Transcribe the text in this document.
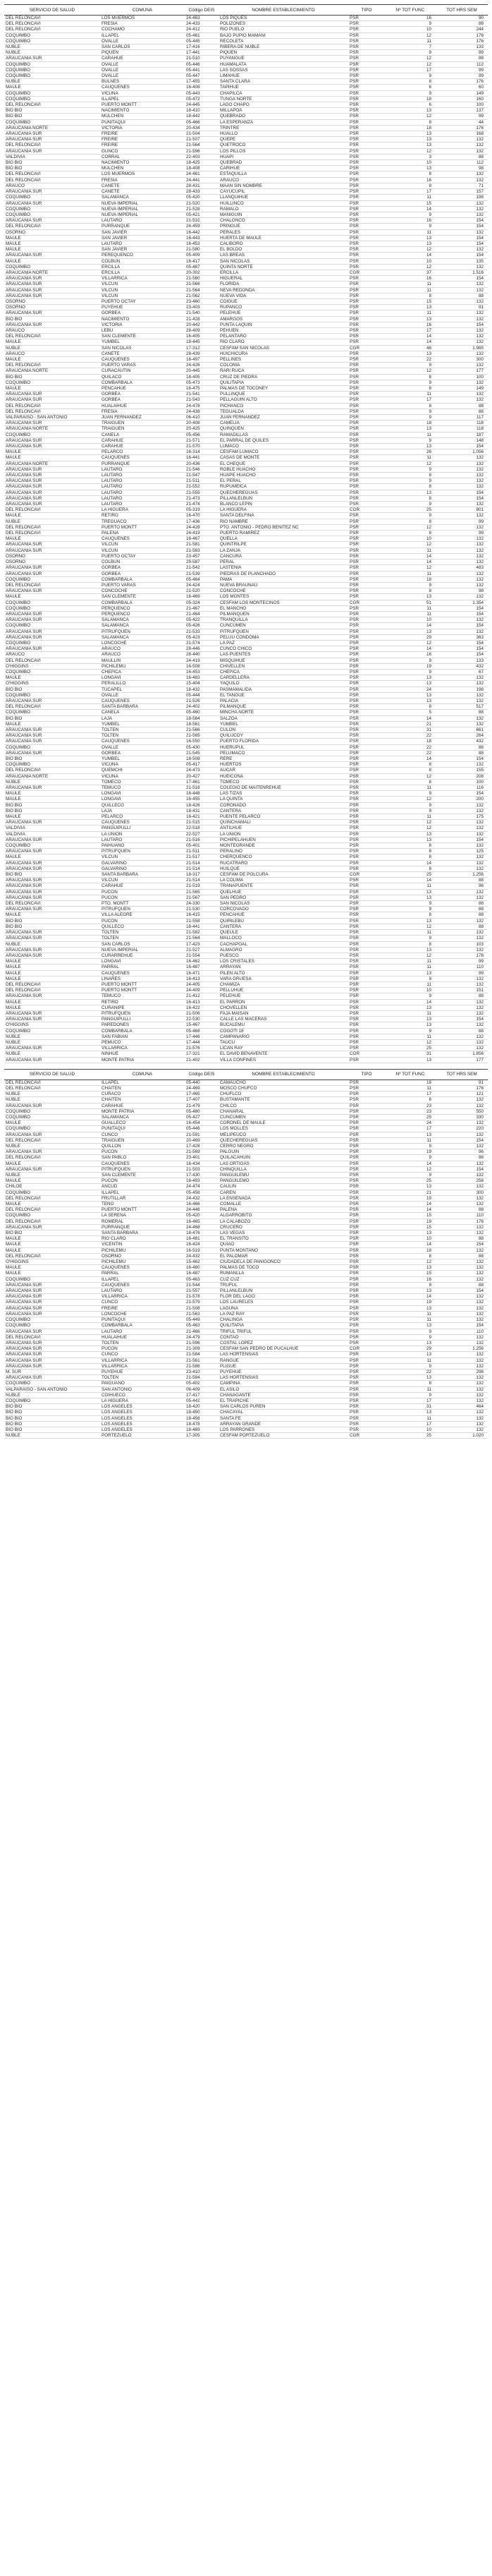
SERVICIO DE SALUD	COMUNA	Código DEIS	NOMBRE ESTABLECIMIENTO	TIPO	Nº TOT FUNC	TOT HRS SEM
DEL RELONCAVI	LOS MUERMOS	24-463	LOS PIQUES	PSR	16	90
DEL RELONCAVI	FRESIA	24-433	POLIZONES	PSR	9	88
DEL RELONCAVI	COCHAMO	24-412	RIO PUELO	PSR	10	244
COQUIMBO	ILLAPEL	05-461	BAJO PUPIO MAMANI	PSR	12	176
COQUIMBO	OVALLE	05-445	RECOLETA	PSR	11	176
ÑUBLE	SAN CARLOS	17-416	RIBERA DE ÑUBLE	PSR	7	133
ÑUBLE	PIQUEN	17-441	PIQUEN	PSR	9	99
ARAUCANIA SUR	CARAHUE	21-510	PUYANGUE	PSR	12	98
COQUIMBO	OVALLE	05-446	HUAMALATA	PSR	12	112
COQUIMBO	OVALLE	05-441	LAS SOSSAS	PSR	17	99
COQUIMBO	OVALLE	05-447	LIMAHUE	PSR	9	99
ÑUBLE	BULNES	17-455	SANTA CLARA	PSR	8	176
MAULE	CAUQUENES	16-408	TAPIHUE	PSR	6	60
COQUIMBO	VICUÑA	05-443	CHAPILCA	PSR	9	149
COQUIMBO	ILLAPEL	05-472	TUNGA NORTE	PSR	18	160
DEL RELONCAVI	PUERTO MONTT	24-445	LAGO CHAPO	PSR	6	100
BIO BIO	NACIMIENTO	18-410	MILLAPOA	PSR	13	137
BIO BIO	MULCHEN	18-442	QUEBRADO	PSR	12	99
COQUIMBO	PUNITAQUI	05-466	LA ESPERANZA	PSR	8	44
ARAUCANIA NORTE	VICTORIA	20-434	TRINTRE	PSR	18	176
ARAUCANIA SUR	FREIRE	21-504	HUALLO	PSR	13	168
ARAUCANIA SUR	FREIRE	21-507	QUEPE	PSR	13	132
DEL RELONCAVI	FREIRE	21-564	QUETROCO	PSR	13	132
ARAUCANIA SUR	GUNCO	21-596	LOS PILLOS	PSR	12	132
VALDIVIA	CORRAL	22-403	HUAPI	PSR	3	88
BIO BIO	NACIMIENTO	18-425	QUEBRAD	PSR	10	112
BIO BIO	MULCHEN	18-408	CARIHUE	PSR	13	98
DEL RELONCAVI	LOS MUERMOS	24-481	ESTAQUILLA	PSR	8	132
DEL RELONCAVI	FRESIA	24-441	ARAUCO	PSR	16	132
ARAUCO	CAÑETE	28-431	MAAN SIN NOMBRE	PSR	8	71
ARAUCANIA SUR	CAÑETE	28-433	CAYUCUPIL	PSR	17	157
COQUIMBO	SALAMANCA	05-420	LLANQUIHUE	PSR	11	198
ARAUCANIA SUR	NUEVA IMPERIAL	21-520	HUILLINCO	PSR	15	132
COQUIMBO	NUEVA IMPERIAL	21-528	RAMALO	PSR	14	132
COQUIMBO	NUEVA IMPERIAL	05-421	MANIGUIN	PSR	9	132
ARAUCANIA SUR	LAUTARO	21-532	CHALONCO	PSR	16	154
DEL RELONCAVI	PURRANQUE	24-459	PRINGUE	PSR	9	154
OSORNO	SAN JAVIER	16-442	PERALES	PSR	11	132
MAULE	SAN JAVIER	16-443	HUERTA DE MAULE	PSR	13	154
MAULE	LAUTARO	16-453	CALIBORO	PSR	13	154
MAULE	SAN JAVIER	21-580	EL BOLDO	PSR	12	132
ARAUCANIA SUR	PEREQUENCO	05-409	LAS BREAS	PSR	14	154
MAULE	COLBUN	16-417	SAN NICOLAS	PSR	10	135
COQUIMBO	ERCILLA	05-467	QUINTA NORTE	PSR	12	132
ARAUCANIA NORTE	ERCILLA	20-302	ERCILLA	CGR	37	1.516
ARAUCANIA SUR	VILLARRICA	21-560	HIGUERAL	PSR	16	154
ARAUCANIA SUR	VILCUN	21-566	FLORIDA	PSR	11	132
ARAUCANIA SUR	VILCUN	21-564	NEVA REDONDA	PSR	11	132
ARAUCANIA SUR	VILCUN	21-562	NUEVA VIDA	PSR	8	88
OSORNO	PUERTO OCTAY	23-460	COIGUE	PSR	15	132
OSORNO	PUYEHUE	23-403	RUPANCO	PSR	13	91
ARAUCANIA SUR	GORBEA	21-540	PELEHUE	PSR	11	132
BIO BIO	NACIMIENTO	21-428	AMARGOS	PSR	13	132
ARAUCANIA SUR	VICTORIA	20-442	PUNTA LAQUIN	PSR	16	154
ARAUCO	LEBU	28-409	PEHUEN	PSR	17	132
DEL RELONCAVI	SAN CLEMENTE	16-405	PELANTARO	PSR	14	132
MAULE	YUMBEL	18-445	RIO CLARO	PSR	14	132
ÑUBLE	SAN NICOLAS	17-312	CESFAM SAN NICOLAS	CGR	48	1.985
ARAUCO	CAÑETE	28-439	HUICHICURA	PSR	13	132
MAULE	CAUQUENES	16-497	PELLINES	PSR	22	300
DEL RELONCAVI	PUERTO VARAS	24-426	COLONIA	PSR	9	132
ARAUCANIA NORTE	CURACAUTIN	20-445	RARI RUCA	PSR	12	177
BIO BIO	QUILACO	18-405	CRUZ DE PIEDRA	PSR	8	100
COQUIMBO	COMBARBALA	05-473	QUILITAPIA	PSR	9	132
MAULE	PENCAHUE	16-475	PALMAS DE TOCONEY	PSR	8	149
ARAUCANIA SUR	GORBEA	21-541	PULLINQUE	PSR	11	132
ARAUCANIA SUR	GORBEA	21-543	PELLAGUIN ALTO	PSR	17	132
DEL RELONCAVI	HUALAIHUE	24-478	PICHANCO	PSR	8	88
DEL RELONCAVI	FRESIA	24-438	TEGUALDA	PSR	9	88
VALPARAISO - SAN ANTONIO	JUAN FERNANDEZ	06-410	JUAN FERNANDEZ	PSR	9	117
ARAUCANIA SUR	TRAIGUEN	20-408	CAMELIA	PSR	18	118
ARAUCANIA NORTE	TRAIGUEN	20-425	QUINQUEN	PSR	13	118
COQUIMBO	CANELA	05-456	RAMADILLAS	PSR	11	187
ARAUCANIA SUR	CARAHUE	21-571	EL PARRAL DE QUILES	PSR	9	148
ARAUCANIA SUR	CARAHUE	21-570	LUMACO	PSR	13	154
MAULE	PELARCO	16-314	CESFAM LUMACO	PSR	26	1.056
MAULE	CAUQUENES	16-441	CASAS DE MONTE	PSR	11	132
ARAUCANIA NORTE	PURRANQUE	20-436	EL CHEQUE	PSR	12	132
ARAUCANIA SUR	LAUTARO	21-546	ROBLE HUACHO	PSR	9	132
ARAUCANIA SUR	LAUTARO	21-547	HUAPE HUACHO	PSR	8	132
ARAUCANIA SUR	LAUTARO	21-511	EL PERAL	PSR	9	132
ARAUCANIA SUR	LAUTARO	21-552	RUPUMEICA	PSR	8	132
ARAUCANIA SUR	LAUTARO	21-555	QUECHEREGUAS	PSR	13	154
ARAUCANIA SUR	LAUTARO	21-473	PILLANLELBUN	PSR	8	154
ARAUCANIA SUR	LAUTARO	21-474	BLANCO LEPIN	PSR	9	132
DEL RELONCAVI	LA HIGUERA	05-319	LA HIGUERA	CGR	25	801
MAULE	RETIRO	16-470	SANTA DELFINA	PSR	9	132
ÑUBLE	TREGUACO	17-436	RIO NAMBRE	PSR	8	99
DEL RELONCAVI	PUERTO MONTT	24-428	PTO. ANTONIO - PEDRO BENITEZ NC	PSR	12	132
DEL RELONCAVI	PALENA	24-419	PUERTO RAMIREZ	PSR	8	99
MAULE	CAUQUENES	16-467	QUELLA	PSR	10	132
ARAUCANIA SUR	VILCUN	21-581	QUINTRILPE	PSR	12	132
ARAUCANIA SUR	VILCUN	21-583	LA ZANJA	PSR	11	132
OSORNO	PUERTO OCTAY	23-457	CANCURA	PSR	14	132
OSORNO	COLBUN	29-587	PERAL	PSR	14	132
ARAUCANIA SUR	GORBEA	21-542	LASTENIA	PSR	12	483
ARAUCANIA SUR	GORBEA	21-539	PIEDRAS DE PLANCHADO	PSR	11	132
COQUIMBO	COMBARBALA	05-464	PAMA	PSR	18	132
DEL RELONCAVI	PUERTO VARAS	24-424	NUEVA BRAUNAU	PSR	9	132
ARAUCANIA SUR	CONCOCHE	21-520	CONCOCHE	PSR	8	98
MAULE	SAN CLEMENTE	16-469	LOS MONTES	PSR	13	132
COQUIMBO	COMBARBALA	05-324	CESFAM LOS MONTECINOS	CGR	51	1.354
COQUIMBO	PERQUENCO	21-467	EL MANCHO	PSR	11	154
ARAUCANIA SUR	PERQUENCO	21-464	PILMANQUEN	PSR	11	154
ARAUCANIA SUR	SALAMANCA	05-422	TRANQUILLA	PSR	10	132
COQUIMBO	SALAMANCA	05-426	CUNCUMEN	PSR	14	154
ARAUCANIA SUR	PITRUFQUEN	21-533	PITRUFQUEN	PSR	13	132
ARAUCANIA SUR	SALAMANCA	05-423	PELUU CONDOMA	PSR	29	363
COQUIMBO	LONCOCHE	21-574	LA PAZ	PSR	12	154
ARAUCANIA SUR	ARAUCO	28-446	CUNCO CHICO	PSR	14	154
ARAUCO	ARAUCO	28-440	LAS PUENTES	PSR	16	154
DEL RELONCAVI	MAULLIN	24-419	MISQUIHUE	PSR	9	133
O'HIGGINS	PICHILEMU	16-508	CHIVELLEN	PSR	19	432
COQUIMBO	CHEPICA	16-453	CHEPICA	PSR	9	67
MAULE	LONGAVI	16-483	CARDELLERA	PSR	13	132
O'HIGGINS	PERALILLO	15-404	YAQUILO	PSR	13	132
BIO BIO	TUCAPEL	18-432	PASMAMALIDA	PSR	24	198
COQUIMBO	OVALLE	05-444	EL TANGUE	PSR	13	132
ARAUCANIA SUR	CAUQUENES	21-526	PALACIA	PSR	13	132
DEL RELONCAVI	SANTA BARBARA	24-402	PILMANQUE	PSR	8	517
COQUIMBO	CANELA	05-460	MINCHA NORTE	PSR	5	88
BIO BIO	LAJA	18-564	SALZOA	PSR	14	132
MAULE	YUMBEL	18-561	YUMBEL	PSR	21	132
ARAUCANIA SUR	TOLTEN	21-566	CULON	PSR	31	661
ARAUCANIA SUR	TOLTEN	21-565	QUILUCOY	PSR	22	264
ARAUCANIA SUR	CAUQUENES	16-550	PUERTO FLORIDA	PSR	18	432
COQUIMBO	OVALLE	05-430	HUERUPUL	PSR	22	88
ARAUCANIA SUR	GORBEA	21-545	PELUMACO	PSR	22	88
BIO BIO	YUMBEL	18-508	RERE	PSR	14	154
COQUIMBO	VICUÑA	05-417	HUERTOS	PSR	8	132
DEL RELONCAVI	QUEMCHI	24-473	AUCAR	PSR	8	155
ARAUCANIA NORTE	VICUÑA	20-427	HUEICONA	PSR	12	208
ÑUBLE	TOMECO	17-461	TOMECO	PSR	8	100
ARAUCANIA SUR	TEMUCO	21-518	COLEGIO DE MAITENREHUE	PSR	11	116
MAULE	LONGAVI	16-448	LAS TIZAS	PSR	9	154
MAULE	LONGAVI	16-455	LA QUINTA	PSR	12	200
BIO BIO	QUILLECO	18-426	CORONADO	PSR	9	132
BIO BIO	LAJA	18-431	CANTERA	PSR	9	132
MAULE	PELARCO	16-421	PUENTE PELARCO	PSR	11	175
ARAUCANIA SUR	CAUQUENES	21-515	QUINCHAMALI	PSR	12	132
VALDIVIA	PANGUIPULLI	22-518	ANTILHUE	PSR	12	132
VALDIVIA	LA UNION	22-527	LA UNION	PSR	13	132
ARAUCANIA SUR	LAUTARO	21-516	PICHIPELAHUEN	PSR	13	154
COQUIMBO	PAIHUANO	05-401	MONTEGRANDE	PSR	8	132
ARAUCANIA SUR	PITRUFQUEN	21-511	PERALINO	PSR	8	125
MAULE	VILCUN	21-517	CHERQUENCO	PSR	8	132
ARAUCANIA SUR	GALVARINO	21-514	RUCATRARO	PSR	14	132
ARAUCANIA SUR	GALVARINO	21-514	HUILQUE	PSR	8	132
BIO BIO	SANTA BARBARA	18-317	CESFAM DE POLCURA	CGR	25	1.256
ARAUCANIA SUR	VILCUN	21-514	LA COLIMA	PSR	14	88
ARAUCANIA SUR	CARAHUE	21-519	TRANAPUENTE	PSR	11	96
ARAUCANIA SUR	PUCON	21-565	QUELHUE	PSR	13	132
ARAUCANIA SUR	PUCON	21-567	SAN PEDRO	PSR	13	132
DEL RELONCAVI	PTO. MONTT	24-330	SAN NICOLAS	PSR	9	88
ARAUCANIA SUR	PITRUFQUEN	21-530	CORCOVADO	PSR	9	88
MAULE	VILLA ALEGRE	16-415	PENCAHUE	PSR	8	88
BIO BIO	PUCON	21-558	QUIRILEBU	PSR	13	132
BIO BIO	QUILLECO	18-441	CANTERA	PSR	12	88
ARAUCANIA SUR	TOLTEN	21-582	QUEULE	PSR	11	132
ARAUCANIA SUR	TOLTEN	21-564	MALLOCO	PSR	9	132
ÑUBLE	SAN CARLOS	17-423	CACHAPOAL	PSR	8	103
ARAUCANIA SUR	NUEVA IMPERIAL	21-527	ALMAGRO	PSR	13	132
ARAUCANIA SUR	CURARREHUE	21-554	PUESCO	PSR	12	176
MAULE	LONGAVI	16-462	LOS CRISTALES	PSR	11	99
MAULE	PARRAL	16-487	ARRAYAN	PSR	11	110
MAULE	CAUQUENES	16-471	PILEN ALTO	PSR	13	99
MAULE	LINARES	16-413	VARA GRUESA	PSR	9	132
DEL RELONCAVI	PUERTO MONTT	24-405	CHAMIZA	PSR	11	132
DEL RELONCAVI	PUERTO MONTT	24-409	PELLUHUE	PSR	10	151
ARAUCANIA SUR	TEMUCO	21-412	PELEHUE	PSR	9	88
MAULE	RETIRO	16-413	EL PARRON	PSR	14	132
MAULE	CURANIPE	16-422	CHOVELLEN	PSR	13	132
ARAUCANIA SUR	PITRUFQUEN	21-506	FAJA MAISAN	PSR	11	132
ARAUCANIA SUR	PANGUIPULLI	22-530	CALLE LAS MACERAS	PSR	13	154
O'HIGGINS	PAREDONES	15-467	BUCALEMU	PSR	13	132
COQUIMBO	COMBARBALA	05-468	COGOTI 18	PSR	9	88
ÑUBLE	SAN FABIAN	17-446	CAMPANARIO	PSR	11	132
ÑUBLE	PEMUCO	17-444	TAUCU	PSR	12	132
ARAUCANIA SUR	VILLARRICA	21-576	LICAN RAY	PSR	25	132
ÑUBLE	NINHUE	17-321	EL DAVID BENAVENTE	CGR	31	1.856
ARAUCANIA SUR	MONTE PATRIA	21-402	VILLA CONFINES	PSR	13	177
SERVICIO DE SALUD	COMUNA	Código DEIS	NOMBRE ESTABLECIMIENTO	TIPO	Nº TOT FUNC	TOT HRS SEM
DEL RELONCAVI	ILLAPEL	05-440	CAMAUCHO	PSR	18	91
DEL RELONCAVI	CHAITEN	24-469	MOSCO CHUFCO	PSR	11	176
ÑUBLE	CURACO	17-465	CHUFLCO	PSR	17	121
ÑUBLE	CHAITEN	17-407	BUSTAMANTE	PSR	8	132
ARAUCANIA SUR	CARAHUE	21-479	CHILCO	PSR	23	132
COQUIMBO	MONTE PATRIA	05-480	CHAÑARAL	PSR	23	550
COQUIMBO	SALAMANCA	05-427	CUNCUMEN	PSR	25	330
MAULE	GUALLECO	16-454	CORONEL DE MAULE	PSR	24	132
COQUIMBO	PUNITAQUI	05-446	LOS MOLLES	PSR	17	220
ARAUCANIA SUR	CUNCO	21-591	MELIPEUCO	PSR	13	132
DEL RELONCAVI	TRAIGUEN	20-469	QUECHEREGUAS	PSR	11	154
ÑUBLE	QUILLON	17-428	CERRO NEGRO	PSR	9	132
ARAUCANIA SUR	PUCON	21-569	PALGUIN	PSR	19	96
DEL RELONCAVI	SAN PABLO	23-401	QUILACAHUIN	PSR	9	88
MAULE	CAUQUENES	16-434	LAS ORTIGAS	PSR	14	132
ARAUCANIA SUR	PITRUFQUEN	21-503	CHINQUILLA	PSR	12	154
ÑUBLE	SAN CLEMENTE	17-430	PANGUILEMU	PSR	9	132
MAULE	PUCON	16-493	PANGUILEMO	PSR	25	258
CHILOE	ANCUD	24-474	CAULIN	PSR	13	132
COQUIMBO	ILLAPEL	05-458	CAREN	PSR	21	300
DEL RELONCAVI	FRUTILLAR	24-432	LA ENSENADA	PSR	19	132
MAULE	TENO	16-466	COMALLE	PSR	14	132
DEL RELONCAVI	PUERTO MONTT	24-446	PALENA	PSR	14	88
COQUIMBO	LA SERENA	05-420	ALGARROBITO	PSR	15	110
DEL RELONCAVI	ROMERAL	16-465	LA CALABOZO	PSR	19	176
ARAUCANIA SUR	PURRANQUE	24-468	CRUCERO	PSR	15	132
BIO BIO	SANTA BARBARA	18-476	LAS VEGAS	PSR	13	132
MAULE	RIO CLARO	16-481	EL TRANSITO	PSR	10	88
MAULE	VICENTIN	16-424	QUIAO	PSR	14	154
MAULE	PICHILEMU	16-519	PUNTA MONTANO	PSR	18	132
DEL RELONCAVI	OSORNO	24-432	EL PALOMAR	PSR	8	88
O'HIGGINS	PICHILEMU	15-462	CIUDADELA DE PANIGONCO	PSR	12	132
MAULE	CAUQUENES	16-480	PALMAS DE TOCO	PSR	13	132
MAULE	PARRAL	16-487	RUMANLLA	PSR	15	132
COQUIMBO	ILLAPEL	05-463	CUZ CUZ	PSR	16	132
ARAUCANIA SUR	CAUQUENES	21-544	TRUFUL	PSR	9	88
ARAUCANIA SUR	LAUTARO	21-557	PILLANLELBUN	PSR	13	154
ARAUCANIA SUR	VILLARRICA	21-578	FLOR DEL LAGO	PSR	14	132
ARAUCANIA SUR	CUNCO	21-579	LOS LAURELES	PSR	19	132
ARAUCANIA SUR	FREIRE	21-508	LAGUNA	PSR	13	132
ARAUCANIA SUR	LONCOCHE	21-563	LA PAZ RAY	PSR	11	132
COQUIMBO	PUNITAQUI	05-449	CHALINGA	PSR	11	132
COQUIMBO	COMBARBALA	05-463	QUILITAPIA	PSR	13	154
ARAUCANIA SUR	LAUTARO	21-466	TRIFUL TRIFUL	PSR	9	110
DEL RELONCAVI	HUALAIHUE	24-479	CONTAO	PSR	9	132
ARAUCANIA SUR	TOLTEN	21-596	COSTAL LOPEZ	PSR	13	132
ARAUCANIA SUR	PUCON	21-309	CESFAM SAN PEDRO DE PUCALHUE	CGR	29	1.256
ARAUCANIA SUR	CUNCO	21-584	LAS HORTENSIAS	PSR	13	132
ARAUCANIA SUR	VILLARRICA	21-561	RANGUE	PSR	11	132
ARAUCANIA SUR	VILLARRICA	21-586	PLIGUE	PSR	9	132
M. SUR	PUYEHUE	23-410	PUYEHUE	PSR	22	298
ARAUCANIA SUR	TOLTEN	21-584	LAS HORTENSIAS	PSR	13	132
COQUIMBO	PAIGUANO	05-402	CAMPIÑA	PSR	8	132
VALPARAISO - SAN ANTONIO	SAN ANTONIO	06-409	EL ASILO	PSR	11	132
ÑUBLE	COIHUECO	17-417	CHANAGANTE	PSR	9	132
COQUIMBO	LA HIGUERA	05-442	EL TRAPICHE	PSR	17	132
BIO BIO	LOS ANGELES	18-420	SAN CARLOS PUREN	PSR	31	464
BIO BIO	LOS ANGELES	18-450	CHACAYAL	PSR	13	132
BIO BIO	LOS ANGELES	18-456	SANTA FE	PSR	11	132
BIO BIO	LOS ANGELES	18-478	ARRAYAN GRANDE	PSR	17	132
BIO BIO	LOS ANGELES	18-469	LOS PARRONES	PSR	10	132
ÑUBLE	PORTEZUELO	17-305	CESFAM PORTEZUELO	CGR	25	1.020
